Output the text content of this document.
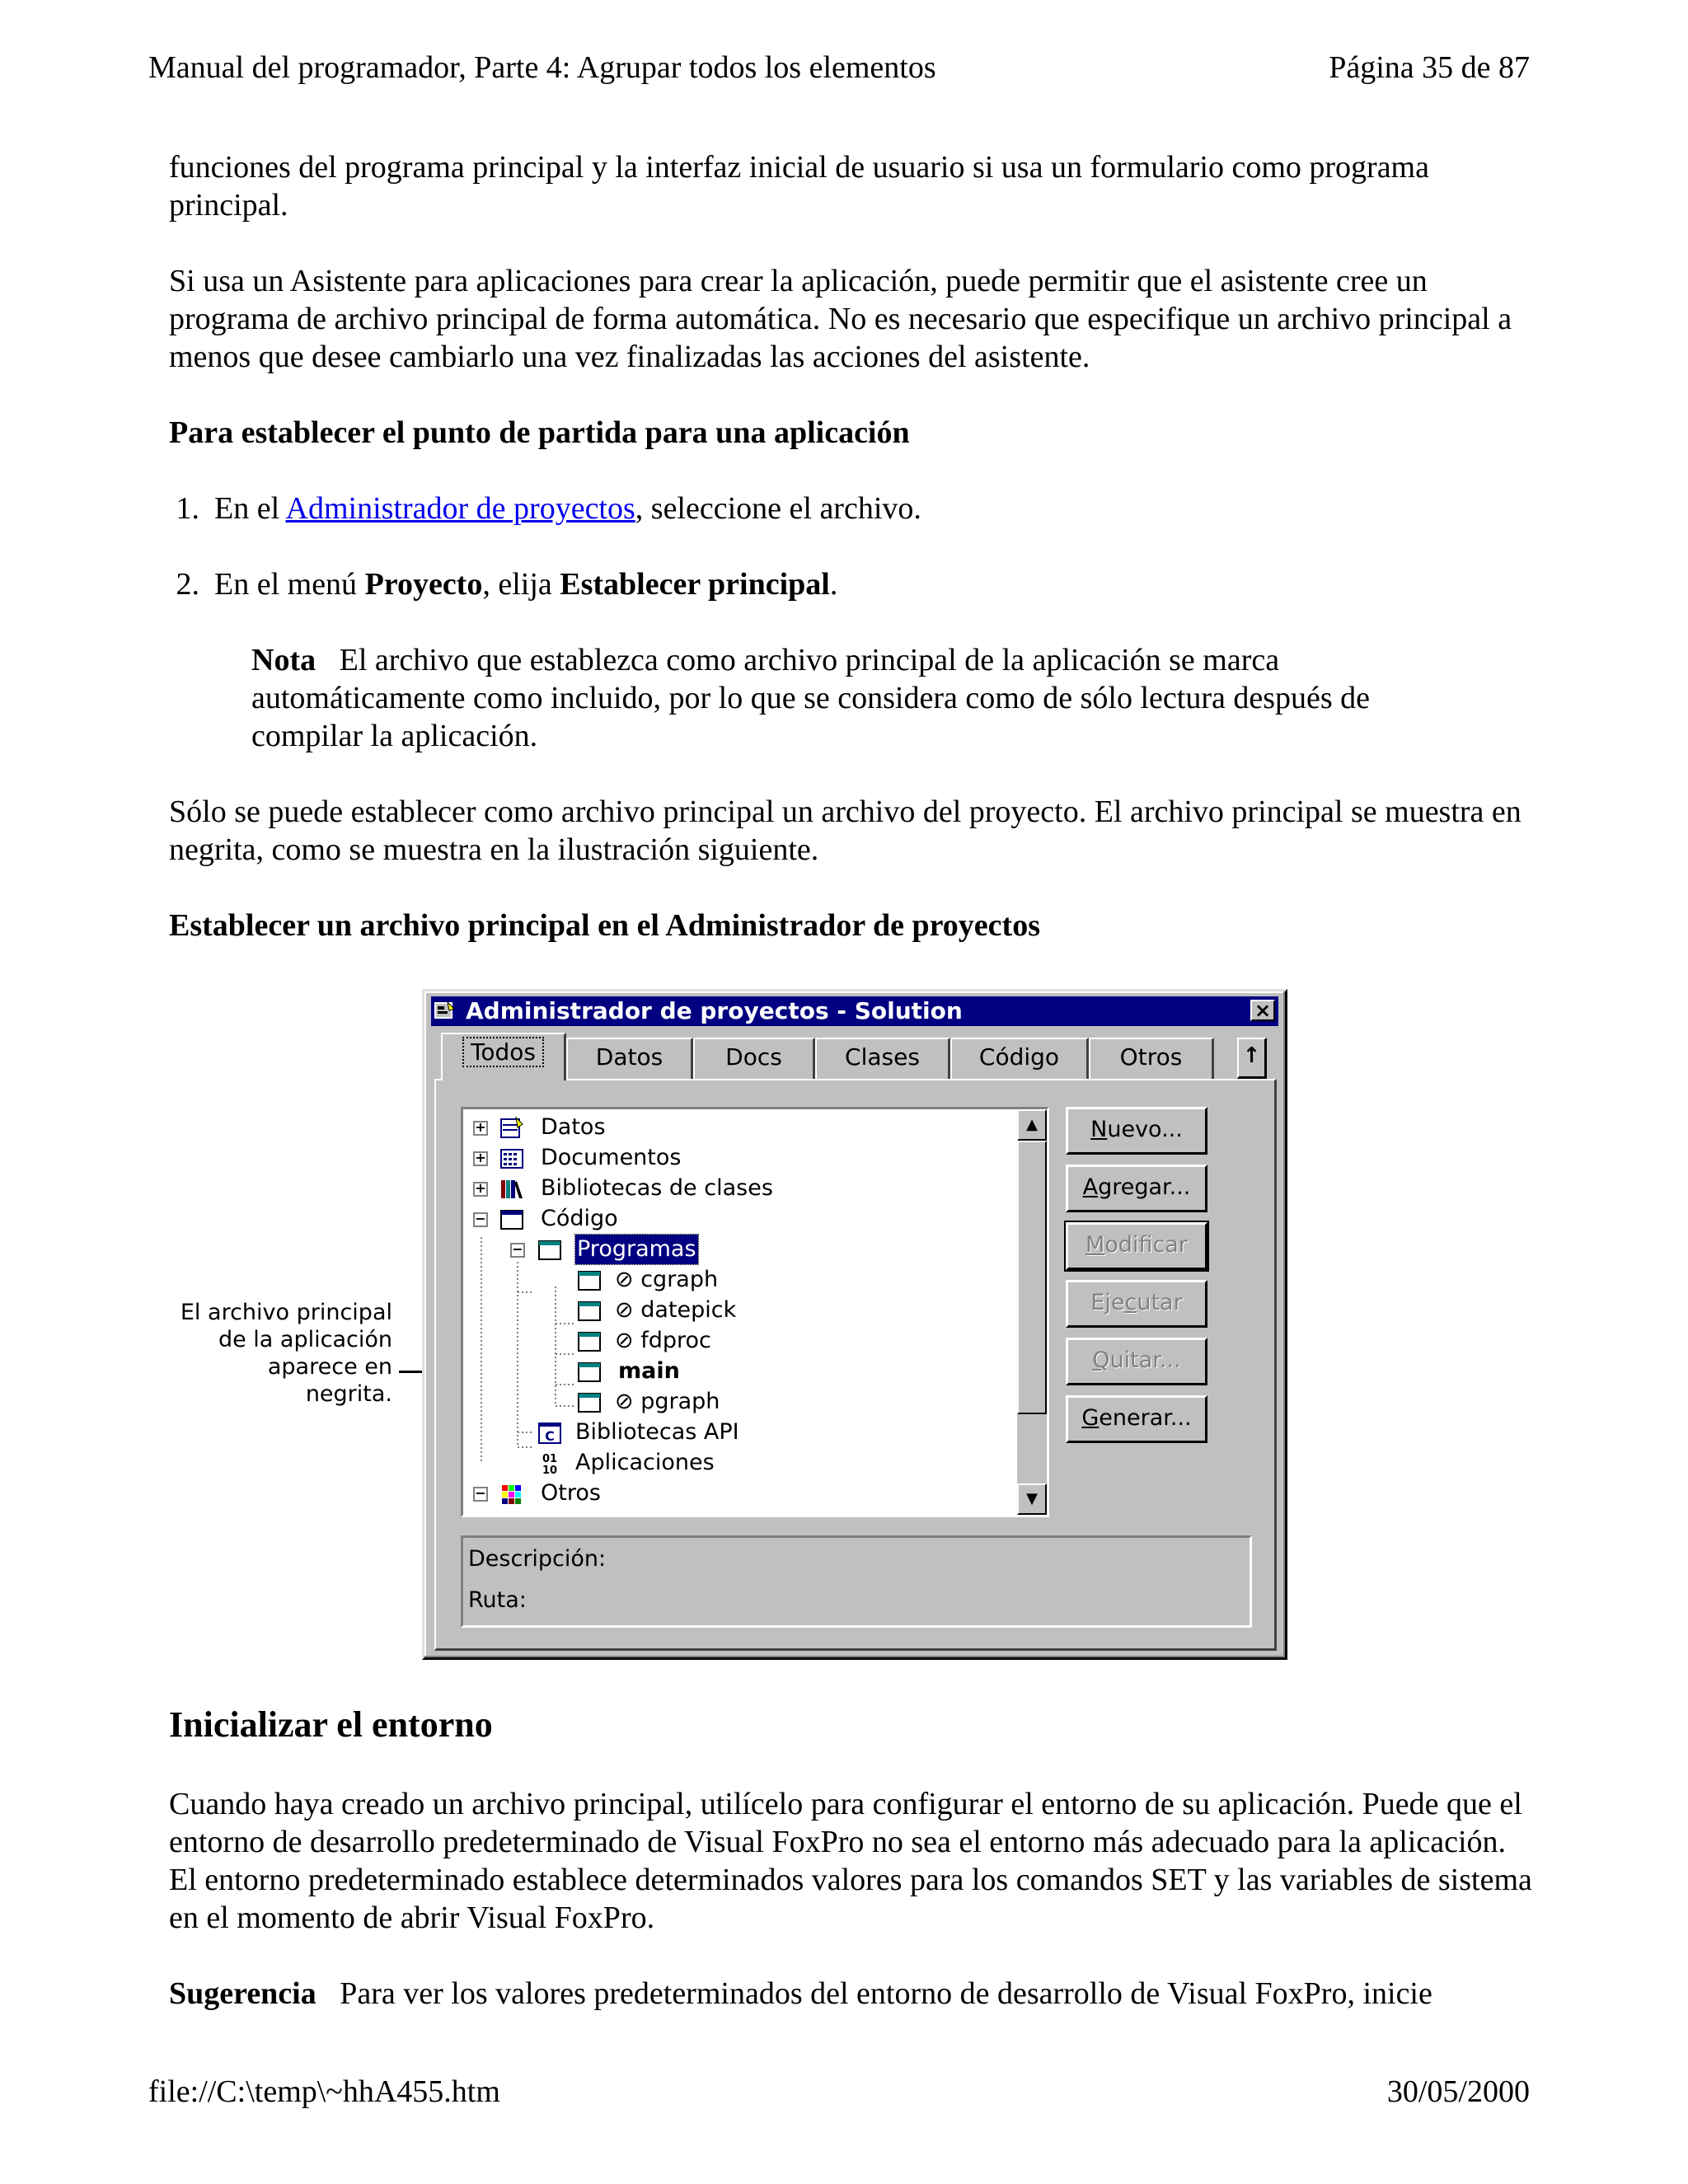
Manual del programador, Parte 4: Agrupar todos los elementos	Página 35 de 87

funciones del programa principal y la interfaz inicial de usuario si usa un formulario como programa principal.

Si usa un Asistente para aplicaciones para crear la aplicación, puede permitir que el asistente cree un programa de archivo principal de forma automática. No es necesario que especifique un archivo principal a menos que desee cambiarlo una vez finalizadas las acciones del asistente.

Para establecer el punto de partida para una aplicación
1. En el Administrador de proyectos, seleccione el archivo.
2. En el menú Proyecto, elija Establecer principal.

Nota El archivo que establezca como archivo principal de la aplicación se marca automáticamente como incluido, por lo que se considera como de sólo lectura después de compilar la aplicación.

Sólo se puede establecer como archivo principal un archivo del proyecto. El archivo principal se muestra en negrita, como se muestra en la ilustración siguiente.

Establecer un archivo principal en el Administrador de proyectos
El archivo principal
de la aplicación
aparece en negrita.
Administrador de proyectos - Solution	×
Todos	Datos	Docs	Clases	Código	Otros	↑
+ Datos
+ Documentos
+ Bibliotecas de clases
− Código
− Programas
⊘ cgraph
⊘ datepick
⊘ fdproc
main
⊘ pgraph
C Bibliotecas API
01
10 Aplicaciones
− Otros
▲
▼
Nuevo...
Agregar...
Modificar
Ejecutar
Quitar...
Generar...
Descripción:
Ruta:
Inicializar el entorno

Cuando haya creado un archivo principal, utilícelo para configurar el entorno de su aplicación. Puede que el entorno de desarrollo predeterminado de Visual FoxPro no sea el entorno más adecuado para la aplicación. El entorno predeterminado establece determinados valores para los comandos SET y las variables de sistema en el momento de abrir Visual FoxPro.

Sugerencia Para ver los valores predeterminados del entorno de desarrollo de Visual FoxPro, inicie

file://C:\temp\~hhA455.htm	30/05/2000
